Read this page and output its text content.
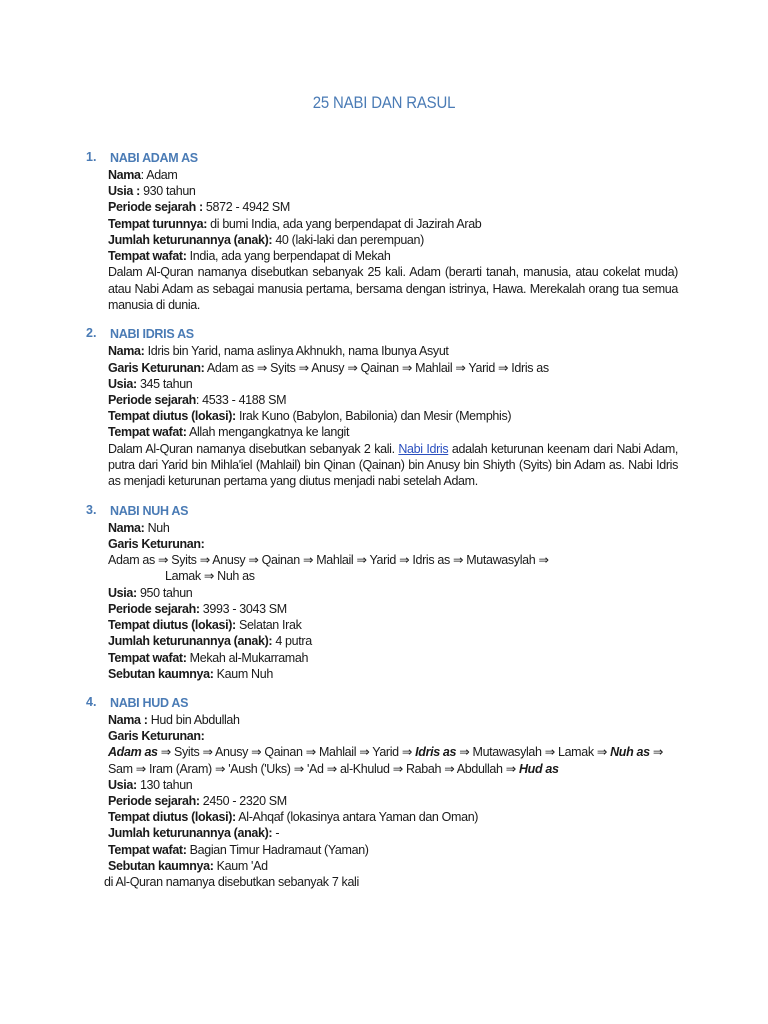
25 NABI DAN RASUL
1. NABI ADAM AS
Nama: Adam
Usia : 930 tahun
Periode sejarah : 5872 - 4942 SM
Tempat turunnya: di bumi India, ada yang berpendapat di Jazirah Arab
Jumlah keturunannya (anak): 40 (laki-laki dan perempuan)
Tempat wafat: India, ada yang berpendapat di Mekah
Dalam Al-Quran namanya disebutkan sebanyak 25 kali. Adam (berarti tanah, manusia, atau cokelat muda) atau Nabi Adam as sebagai manusia pertama, bersama dengan istrinya, Hawa. Merekalah orang tua semua manusia di dunia.
2. NABI IDRIS AS
Nama: Idris bin Yarid, nama aslinya Akhnukh, nama Ibunya Asyut
Garis Keturunan: Adam as ⇒ Syits ⇒ Anusy ⇒ Qainan ⇒ Mahlail ⇒ Yarid ⇒ Idris as
Usia: 345 tahun
Periode sejarah: 4533 - 4188 SM
Tempat diutus (lokasi): Irak Kuno (Babylon, Babilonia) dan Mesir (Memphis)
Tempat wafat: Allah mengangkatnya ke langit
Dalam Al-Quran namanya disebutkan sebanyak 2 kali. Nabi Idris adalah keturunan keenam dari Nabi Adam, putra dari Yarid bin Mihla'iel (Mahlail) bin Qinan (Qainan) bin Anusy bin Shiyth (Syits) bin Adam as. Nabi Idris as menjadi keturunan pertama yang diutus menjadi nabi setelah Adam.
3. NABI NUH AS
Nama: Nuh
Garis Keturunan:
Adam as ⇒ Syits ⇒ Anusy ⇒ Qainan ⇒ Mahlail ⇒ Yarid ⇒ Idris as ⇒ Mutawasylah ⇒
Lamak ⇒ Nuh as
Usia: 950 tahun
Periode sejarah: 3993 - 3043 SM
Tempat diutus (lokasi): Selatan Irak
Jumlah keturunannya (anak): 4 putra
Tempat wafat: Mekah al-Mukarramah
Sebutan kaumnya: Kaum Nuh
4. NABI HUD AS
Nama : Hud bin Abdullah
Garis Keturunan:
Adam as ⇒ Syits ⇒ Anusy ⇒ Qainan ⇒ Mahlail ⇒ Yarid ⇒ Idris as ⇒ Mutawasylah ⇒ Lamak ⇒ Nuh as ⇒
Sam ⇒ Iram (Aram) ⇒ 'Aush ('Uks) ⇒ 'Ad ⇒ al-Khulud ⇒ Rabah ⇒ Abdullah ⇒ Hud as
Usia: 130 tahun
Periode sejarah: 2450 - 2320 SM
Tempat diutus (lokasi): Al-Ahqaf (lokasinya antara Yaman dan Oman)
Jumlah keturunannya (anak): -
Tempat wafat: Bagian Timur Hadramaut (Yaman)
Sebutan kaumnya: Kaum 'Ad
di Al-Quran namanya disebutkan sebanyak 7 kali
